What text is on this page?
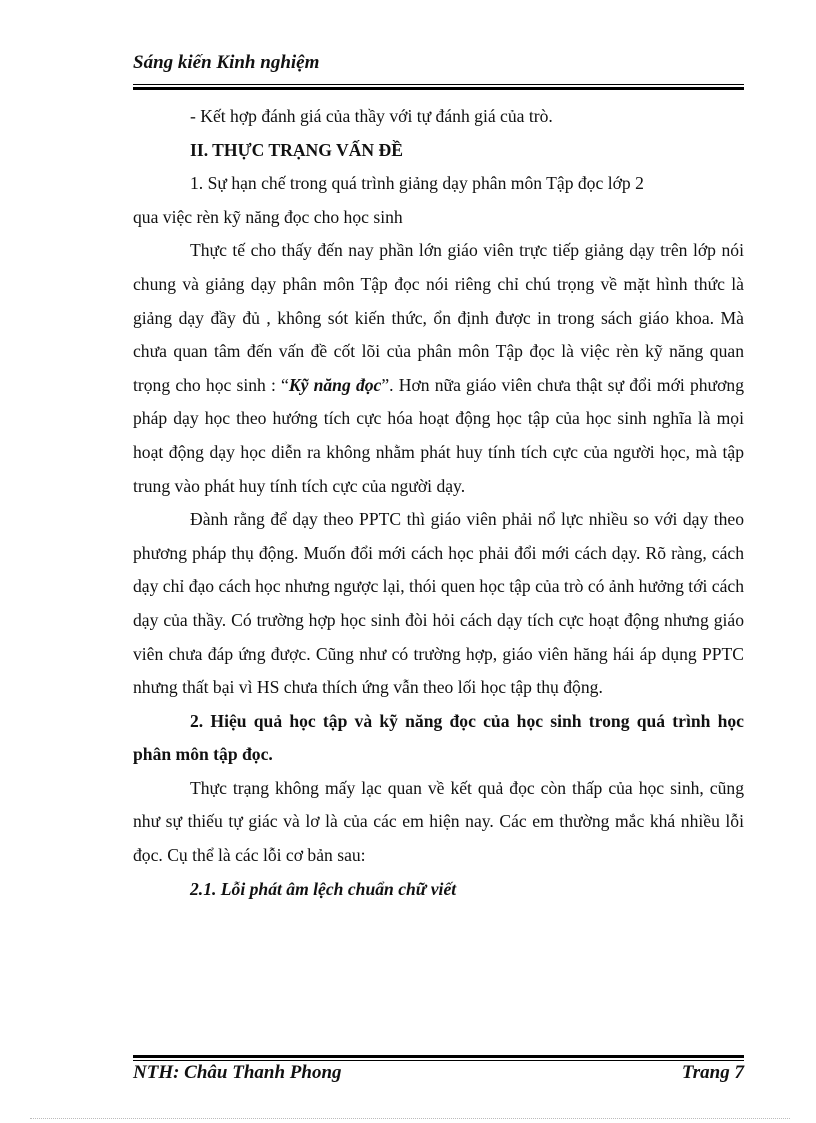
Sáng kiến Kinh nghiệm

- Kết hợp đánh giá của thầy với tự đánh giá của trò.

II. THỰC TRẠNG VẤN ĐỀ

1. Sự hạn chế trong quá trình giảng dạy phân môn Tập đọc lớp 2

qua việc rèn kỹ năng đọc cho học sinh

Thực tế cho thấy đến nay phần lớn giáo viên trực tiếp giảng dạy trên lớp nói chung và giảng dạy phân môn Tập đọc nói riêng chỉ chú trọng về mặt hình thức là giảng dạy đầy đủ , không sót kiến thức, ổn định được in trong sách giáo khoa. Mà chưa quan tâm đến vấn đề cốt lõi của phân môn Tập đọc là việc rèn kỹ năng quan trọng cho học sinh : “Kỹ năng đọc”. Hơn nữa giáo viên chưa thật sự đổi mới phương pháp dạy học theo hướng tích cực hóa hoạt động học tập của học sinh nghĩa là mọi hoạt động dạy học diễn ra không nhằm phát huy tính tích cực của người học, mà tập trung vào phát huy tính tích cực của người dạy.

Đành rằng để dạy theo PPTC thì giáo viên phải nổ lực nhiều so với dạy theo phương pháp thụ động. Muốn đổi mới cách học phải đổi mới cách dạy. Rõ ràng, cách dạy chỉ đạo cách học nhưng ngược lại, thói quen học tập của trò có ảnh hưởng tới cách dạy của thầy. Có trường hợp học sinh đòi hỏi cách dạy tích cực hoạt động nhưng giáo viên chưa đáp ứng được. Cũng như có trường hợp, giáo viên hăng hái áp dụng PPTC nhưng thất bại vì HS chưa thích ứng vẫn theo lối học tập thụ động.

2. Hiệu quả học tập và kỹ năng đọc của học sinh trong quá trình học phân môn tập đọc.

Thực trạng không mấy lạc quan về kết quả đọc còn thấp của học sinh, cũng như sự thiếu tự giác và lơ là của các em hiện nay. Các em thường mắc khá nhiều lỗi đọc. Cụ thể là các lỗi cơ bản sau:

2.1. Lỗi phát âm lệch chuẩn chữ viết

NTH: Châu Thanh Phong	Trang 7
